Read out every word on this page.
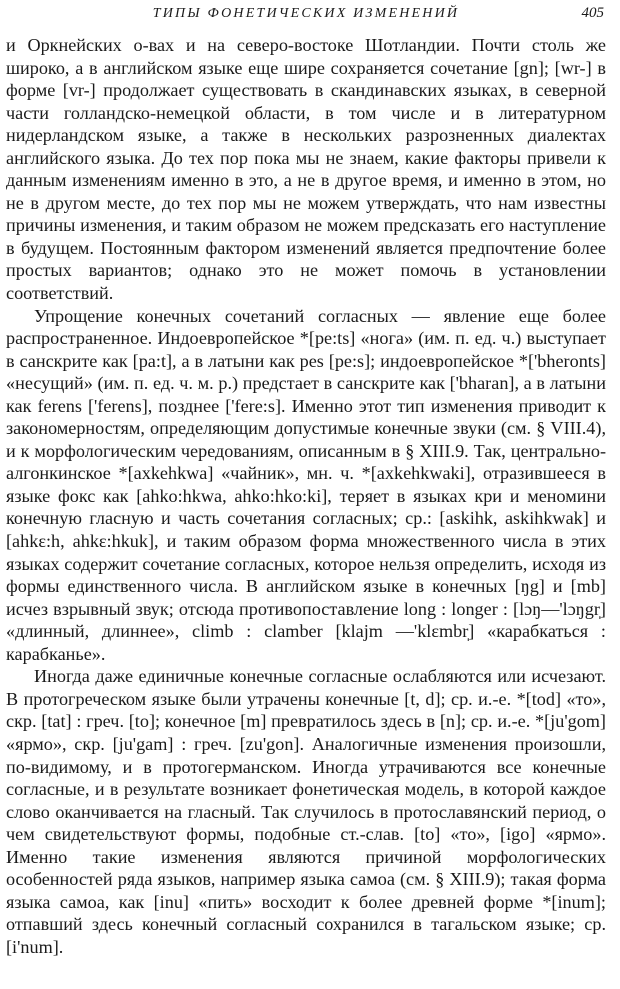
ТИПЫ ФОНЕТИЧЕСКИХ ИЗМЕНЕНИЙ	405

и Оркнейских о-вах и на северо-востоке Шотландии. Почти столь же широко, а в английском языке еще шире сохраняется сочетание [gn]; [wr-] в форме [vr-] продолжает существовать в скандинавских языках, в северной части голландско-немецкой области, в том числе и в литературном нидерландском языке, а также в нескольких разрозненных диалектах английского языка. До тех пор пока мы не знаем, какие факторы привели к данным изменениям именно в это, а не в другое время, и именно в этом, но не в другом месте, до тех пор мы не можем утверждать, что нам известны причины изменения, и таким образом не можем предсказать его наступление в будущем. Постоянным фактором изменений является предпочтение более простых вариантов; однако это не может помочь в установлении соответствий.

Упрощение конечных сочетаний согласных — явление еще более распространенное. Индоевропейское *[pe:ts] «нога» (им. п. ед. ч.) выступает в санскрите как [pa:t], а в латыни как pes [pe:s]; индоевропейское *['bheronts] «несущий» (им. п. ед. ч. м. р.) предстает в санскрите как ['bharan], а в латыни как ferens ['ferens], позднее ['fere:s]. Именно этот тип изменения приводит к закономерностям, определяющим допустимые конечные звуки (см. § VIII.4), и к морфологическим чередованиям, описанным в § XIII.9. Так, центрально-алгонкинское *[axkehkwa] «чайник», мн. ч. *[axkehkwaki], отразившееся в языке фокс как [ahko:hkwa, ahko:hko:ki], теряет в языках кри и меномини конечную гласную и часть сочетания согласных; ср.: [askihk, askihkwak] и [ahkɛ:h, ahkɛ:hkuk], и таким образом форма множественного числа в этих языках содержит сочетание согласных, которое нельзя определить, исходя из формы единственного числа. В английском языке в конечных [ŋg] и [mb] исчез взрывный звук; отсюда противопоставление long : longer : [lɔŋ—'lɔŋgr̩] «длинный, длиннее», climb : clamber [klajm —'klɛmbr̩] «карабкаться : карабканье».

Иногда даже единичные конечные согласные ослабляются или исчезают. В протогреческом языке были утрачены конечные [t, d]; ср. и.-е. *[tod] «то», скр. [tat] : греч. [to]; конечное [m] превратилось здесь в [n]; ср. и.-е. *[ju'gom] «ярмо», скр. [ju'gam] : греч. [zu'gon]. Аналогичные изменения произошли, по-видимому, и в протогерманском. Иногда утрачиваются все конечные согласные, и в результате возникает фонетическая модель, в которой каждое слово оканчивается на гласный. Так случилось в протославянский период, о чем свидетельствуют формы, подобные ст.-слав. [to] «то», [igo] «ярмо». Именно такие изменения являются причиной морфологических особенностей ряда языков, например языка самоа (см. § XIII.9); такая форма языка самоа, как [inu] «пить» восходит к более древней форме *[inum]; отпавший здесь конечный согласный сохранился в тагальском языке; ср. [i'num].
